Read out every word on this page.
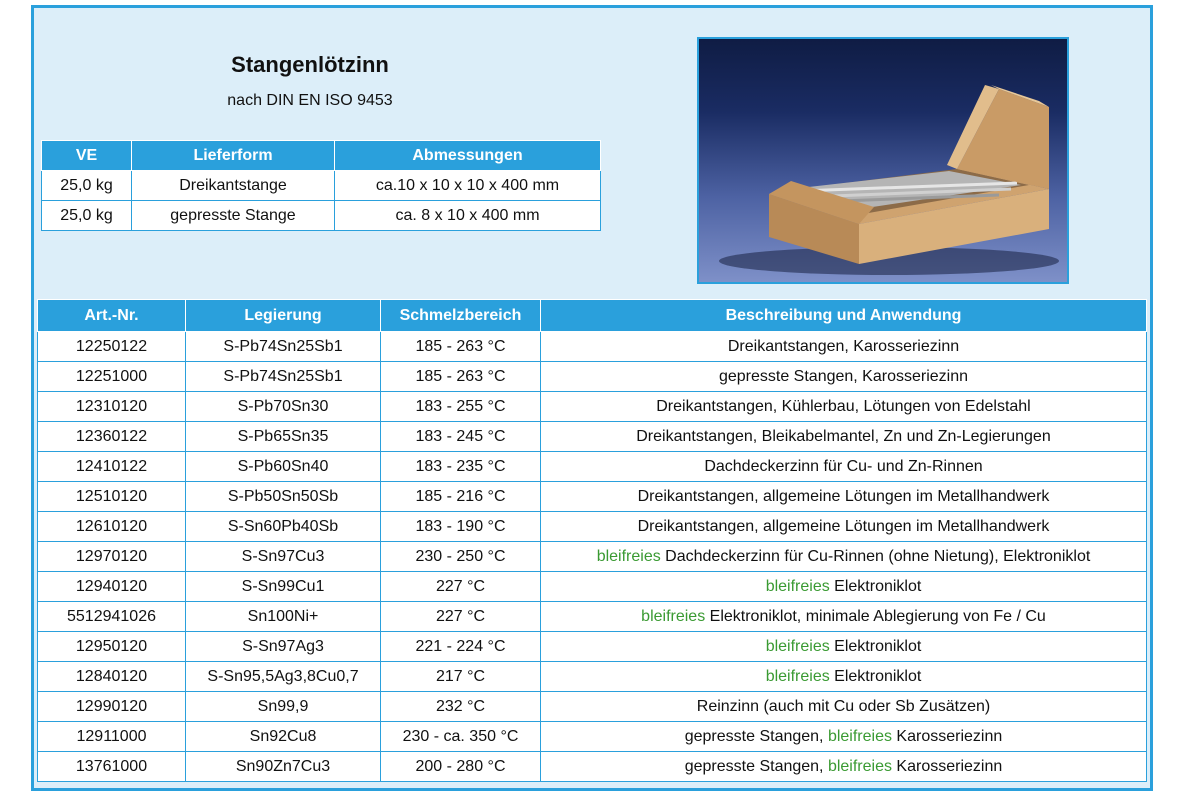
Stangenlötzinn
nach DIN EN ISO 9453
VE	Lieferform	Abmessungen
25,0 kg	Dreikantstange	ca.10 x 10 x 10 x 400 mm
25,0 kg	gepresste Stange	ca. 8 x 10 x 400 mm
Art.-Nr.	Legierung	Schmelzbereich	Beschreibung und Anwendung
12250122	S-Pb74Sn25Sb1	185 - 263 °C	Dreikantstangen, Karosseriezinn
12251000	S-Pb74Sn25Sb1	185 - 263 °C	gepresste Stangen, Karosseriezinn
12310120	S-Pb70Sn30	183 - 255 °C	Dreikantstangen, Kühlerbau, Lötungen von Edelstahl
12360122	S-Pb65Sn35	183 - 245 °C	Dreikantstangen, Bleikabelmantel, Zn und Zn-Legierungen
12410122	S-Pb60Sn40	183 - 235 °C	Dachdeckerzinn für Cu- und Zn-Rinnen
12510120	S-Pb50Sn50Sb	185 - 216 °C	Dreikantstangen, allgemeine Lötungen im Metallhandwerk
12610120	S-Sn60Pb40Sb	183 - 190 °C	Dreikantstangen, allgemeine Lötungen im Metallhandwerk
12970120	S-Sn97Cu3	230 - 250 °C	bleifreies Dachdeckerzinn für Cu-Rinnen (ohne Nietung), Elektroniklot
12940120	S-Sn99Cu1	227 °C	bleifreies Elektroniklot
5512941026	Sn100Ni+	227 °C	bleifreies Elektroniklot, minimale Ablegierung von Fe / Cu
12950120	S-Sn97Ag3	221 - 224 °C	bleifreies Elektroniklot
12840120	S-Sn95,5Ag3,8Cu0,7	217 °C	bleifreies Elektroniklot
12990120	Sn99,9	232 °C	Reinzinn (auch mit Cu oder Sb Zusätzen)
12911000	Sn92Cu8	230 - ca. 350 °C	gepresste Stangen, bleifreies Karosseriezinn
13761000	Sn90Zn7Cu3	200 - 280 °C	gepresste Stangen, bleifreies Karosseriezinn
